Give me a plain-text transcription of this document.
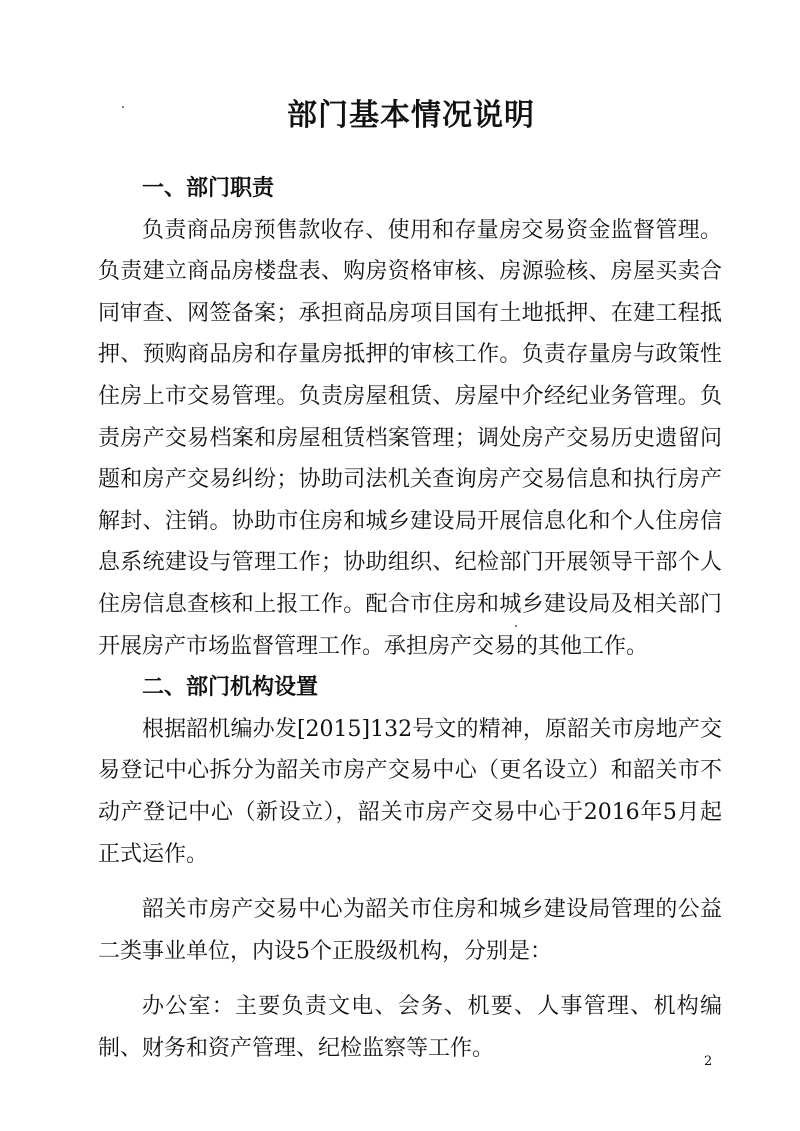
部门基本情况说明

一、部门职责

负责商品房预售款收存、使用和存量房交易资金监督管理。负责建立商品房楼盘表、购房资格审核、房源验核、房屋买卖合同审查、网签备案；承担商品房项目国有土地抵押、在建工程抵押、预购商品房和存量房抵押的审核工作。负责存量房与政策性住房上市交易管理。负责房屋租赁、房屋中介经纪业务管理。负责房产交易档案和房屋租赁档案管理；调处房产交易历史遗留问题和房产交易纠纷；协助司法机关查询房产交易信息和执行房产解封、注销。协助市住房和城乡建设局开展信息化和个人住房信息系统建设与管理工作；协助组织、纪检部门开展领导干部个人住房信息查核和上报工作。配合市住房和城乡建设局及相关部门开展房产市场监督管理工作。承担房产交易的其他工作。

二、部门机构设置

根据韶机编办发[2015]132号文的精神，原韶关市房地产交易登记中心拆分为韶关市房产交易中心（更名设立）和韶关市不动产登记中心（新设立），韶关市房产交易中心于2016年5月起正式运作。

韶关市房产交易中心为韶关市住房和城乡建设局管理的公益二类事业单位，内设5个正股级机构，分别是：

办公室：主要负责文电、会务、机要、人事管理、机构编制、财务和资产管理、纪检监察等工作。

2
